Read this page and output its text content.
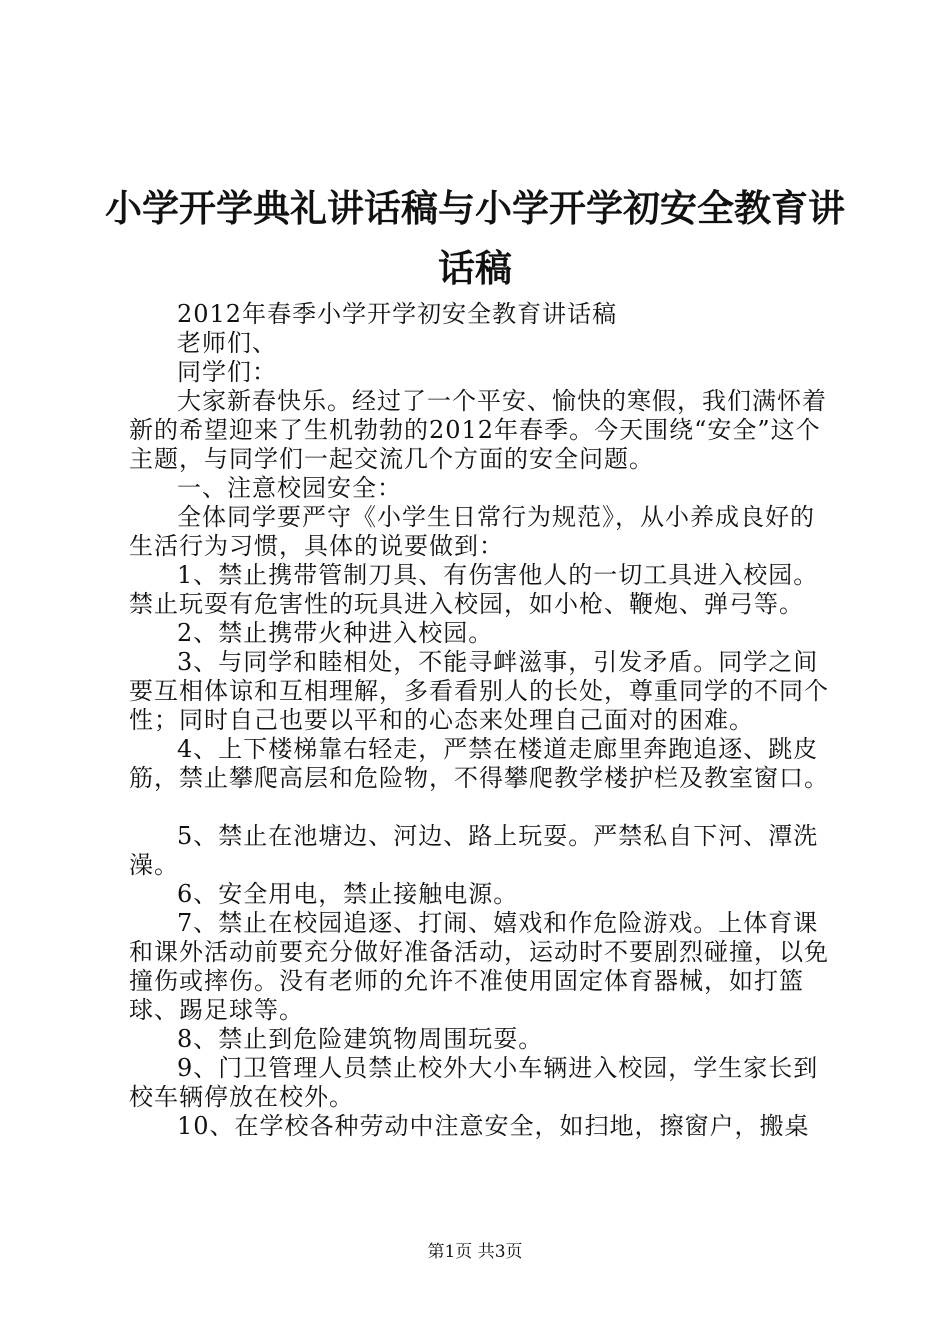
小学开学典礼讲话稿与小学开学初安全教育讲
话稿

2012年春季小学开学初安全教育讲话稿

老师们、

同学们：

大家新春快乐。经过了一个平安、愉快的寒假，我们满怀着新的希望迎来了生机勃勃的2012年春季。今天围绕“安全”这个主题，与同学们一起交流几个方面的安全问题。

一、注意校园安全：

全体同学要严守《小学生日常行为规范》，从小养成良好的生活行为习惯，具体的说要做到：

1、禁止携带管制刀具、有伤害他人的一切工具进入校园。禁止玩耍有危害性的玩具进入校园，如小枪、鞭炮、弹弓等。

2、禁止携带火种进入校园。

3、与同学和睦相处，不能寻衅滋事，引发矛盾。同学之间要互相体谅和互相理解，多看看别人的长处，尊重同学的不同个性；同时自己也要以平和的心态来处理自己面对的困难。

4、上下楼梯靠右轻走，严禁在楼道走廊里奔跑追逐、跳皮筋，禁止攀爬高层和危险物，不得攀爬教学楼护栏及教室窗口。

5、禁止在池塘边、河边、路上玩耍。严禁私自下河、潭洗澡。

6、安全用电，禁止接触电源。

7、禁止在校园追逐、打闹、嬉戏和作危险游戏。上体育课和课外活动前要充分做好准备活动，运动时不要剧烈碰撞，以免撞伤或摔伤。没有老师的允许不准使用固定体育器械，如打篮球、踢足球等。

8、禁止到危险建筑物周围玩耍。

9、门卫管理人员禁止校外大小车辆进入校园，学生家长到校车辆停放在校外。

10、在学校各种劳动中注意安全，如扫地，擦窗户，搬桌

第1页 共3页
